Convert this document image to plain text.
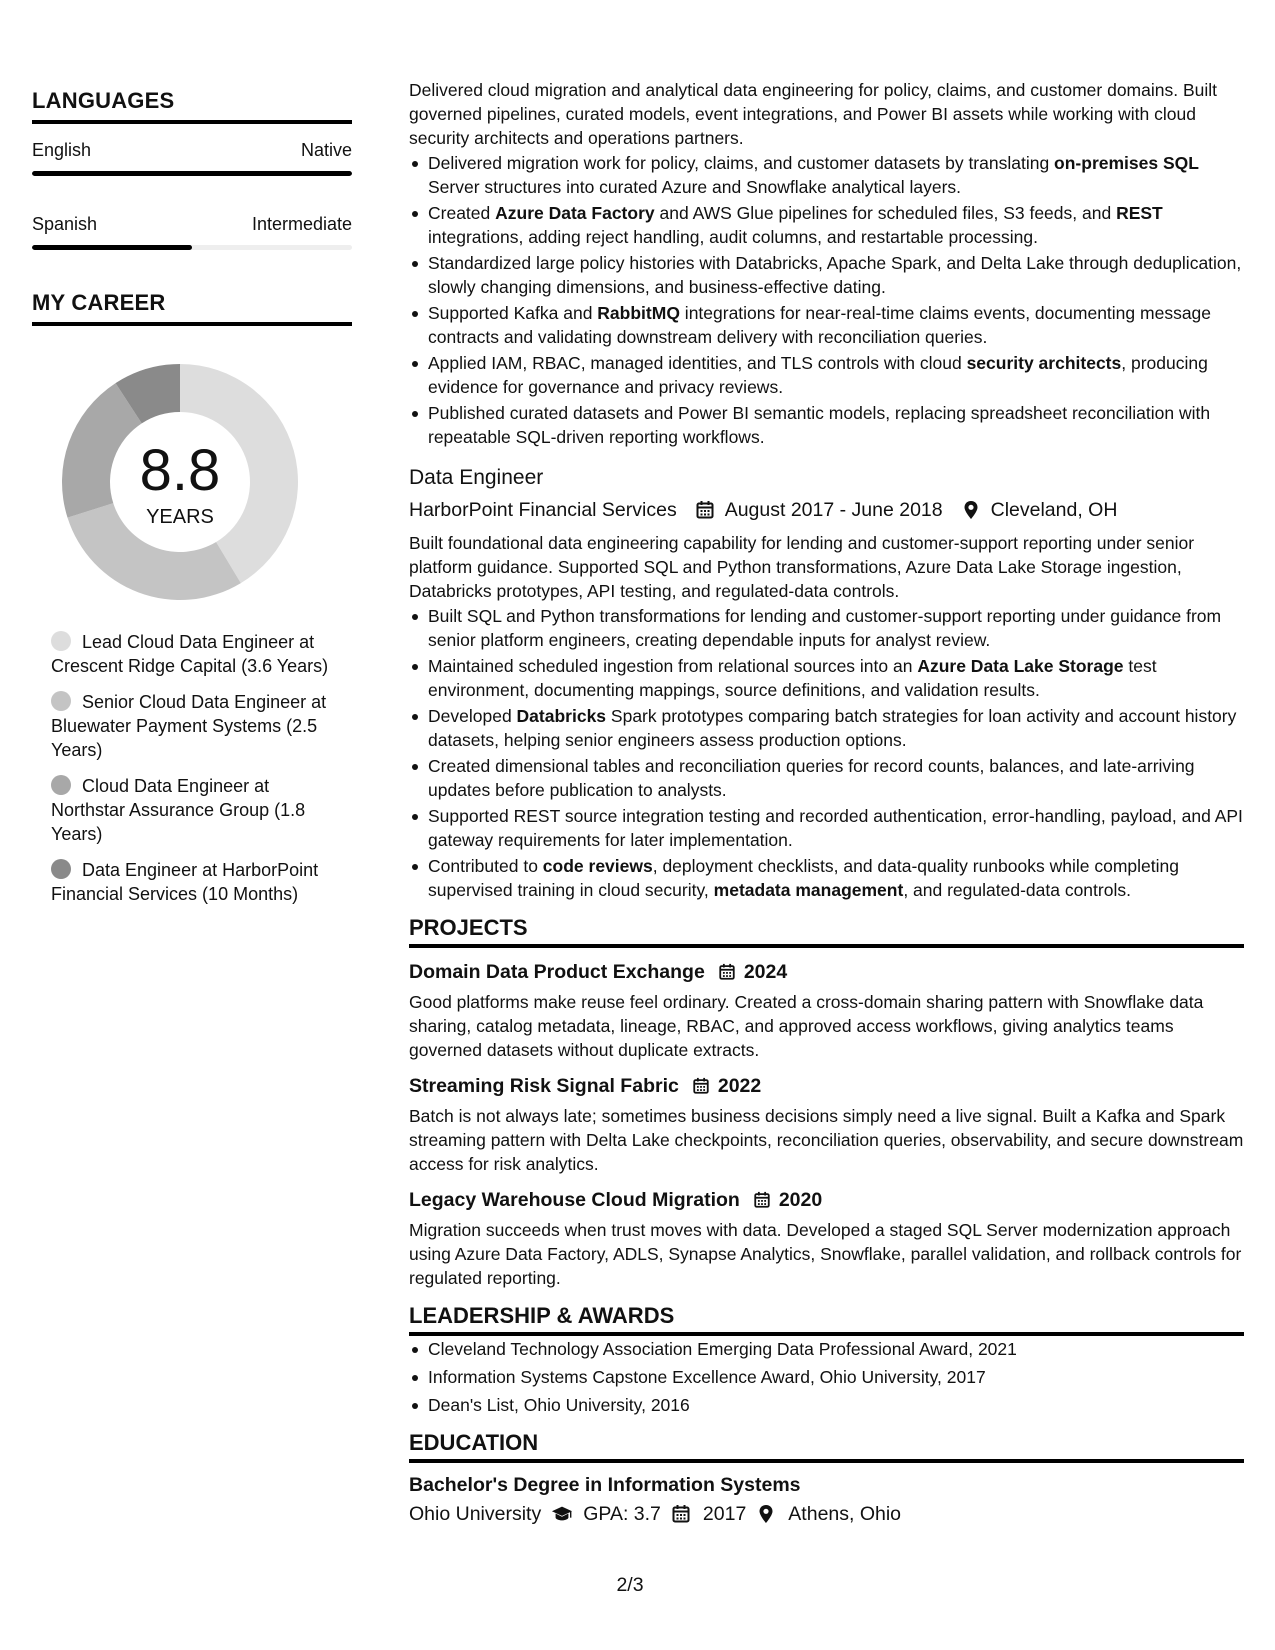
LANGUAGES
English	Native
Spanish	Intermediate
MY CAREER
8.8
YEARS
Lead Cloud Data Engineer at Crescent Ridge Capital (3.6 Years)
Senior Cloud Data Engineer at Bluewater Payment Systems (2.5 Years)
Cloud Data Engineer at Northstar Assurance Group (1.8 Years)
Data Engineer at HarborPoint Financial Services (10 Months)

Delivered cloud migration and analytical data engineering for policy, claims, and customer domains. Built governed pipelines, curated models, event integrations, and Power BI assets while working with cloud security architects and operations partners.

Delivered migration work for policy, claims, and customer datasets by translating on-premises SQL Server structures into curated Azure and Snowflake analytical layers.
Created Azure Data Factory and AWS Glue pipelines for scheduled files, S3 feeds, and REST integrations, adding reject handling, audit columns, and restartable processing.
Standardized large policy histories with Databricks, Apache Spark, and Delta Lake through deduplication, slowly changing dimensions, and business-effective dating.
Supported Kafka and RabbitMQ integrations for near-real-time claims events, documenting message contracts and validating downstream delivery with reconciliation queries.
Applied IAM, RBAC, managed identities, and TLS controls with cloud security architects, producing evidence for governance and privacy reviews.
Published curated datasets and Power BI semantic models, replacing spreadsheet reconciliation with repeatable SQL-driven reporting workflows.
Data Engineer
HarborPoint Financial Services August 2017 - June 2018 Cleveland, OH

Built foundational data engineering capability for lending and customer-support reporting under senior platform guidance. Supported SQL and Python transformations, Azure Data Lake Storage ingestion, Databricks prototypes, API testing, and regulated-data controls.

Built SQL and Python transformations for lending and customer-support reporting under guidance from senior platform engineers, creating dependable inputs for analyst review.
Maintained scheduled ingestion from relational sources into an Azure Data Lake Storage test environment, documenting mappings, source definitions, and validation results.
Developed Databricks Spark prototypes comparing batch strategies for loan activity and account history datasets, helping senior engineers assess production options.
Created dimensional tables and reconciliation queries for record counts, balances, and late-arriving updates before publication to analysts.
Supported REST source integration testing and recorded authentication, error-handling, payload, and API gateway requirements for later implementation.
Contributed to code reviews, deployment checklists, and data-quality runbooks while completing supervised training in cloud security, metadata management, and regulated-data controls.
PROJECTS
Domain Data Product Exchange 2024

Good platforms make reuse feel ordinary. Created a cross-domain sharing pattern with Snowflake data sharing, catalog metadata, lineage, RBAC, and approved access workflows, giving analytics teams governed datasets without duplicate extracts.

Streaming Risk Signal Fabric 2022

Batch is not always late; sometimes business decisions simply need a live signal. Built a Kafka and Spark streaming pattern with Delta Lake checkpoints, reconciliation queries, observability, and secure downstream access for risk analytics.

Legacy Warehouse Cloud Migration 2020

Migration succeeds when trust moves with data. Developed a staged SQL Server modernization approach using Azure Data Factory, ADLS, Synapse Analytics, Snowflake, parallel validation, and rollback controls for regulated reporting.

LEADERSHIP & AWARDS
Cleveland Technology Association Emerging Data Professional Award, 2021
Information Systems Capstone Excellence Award, Ohio University, 2017
Dean's List, Ohio University, 2016
EDUCATION
Bachelor's Degree in Information Systems
Ohio University GPA: 3.7 2017 Athens, Ohio
2/3
